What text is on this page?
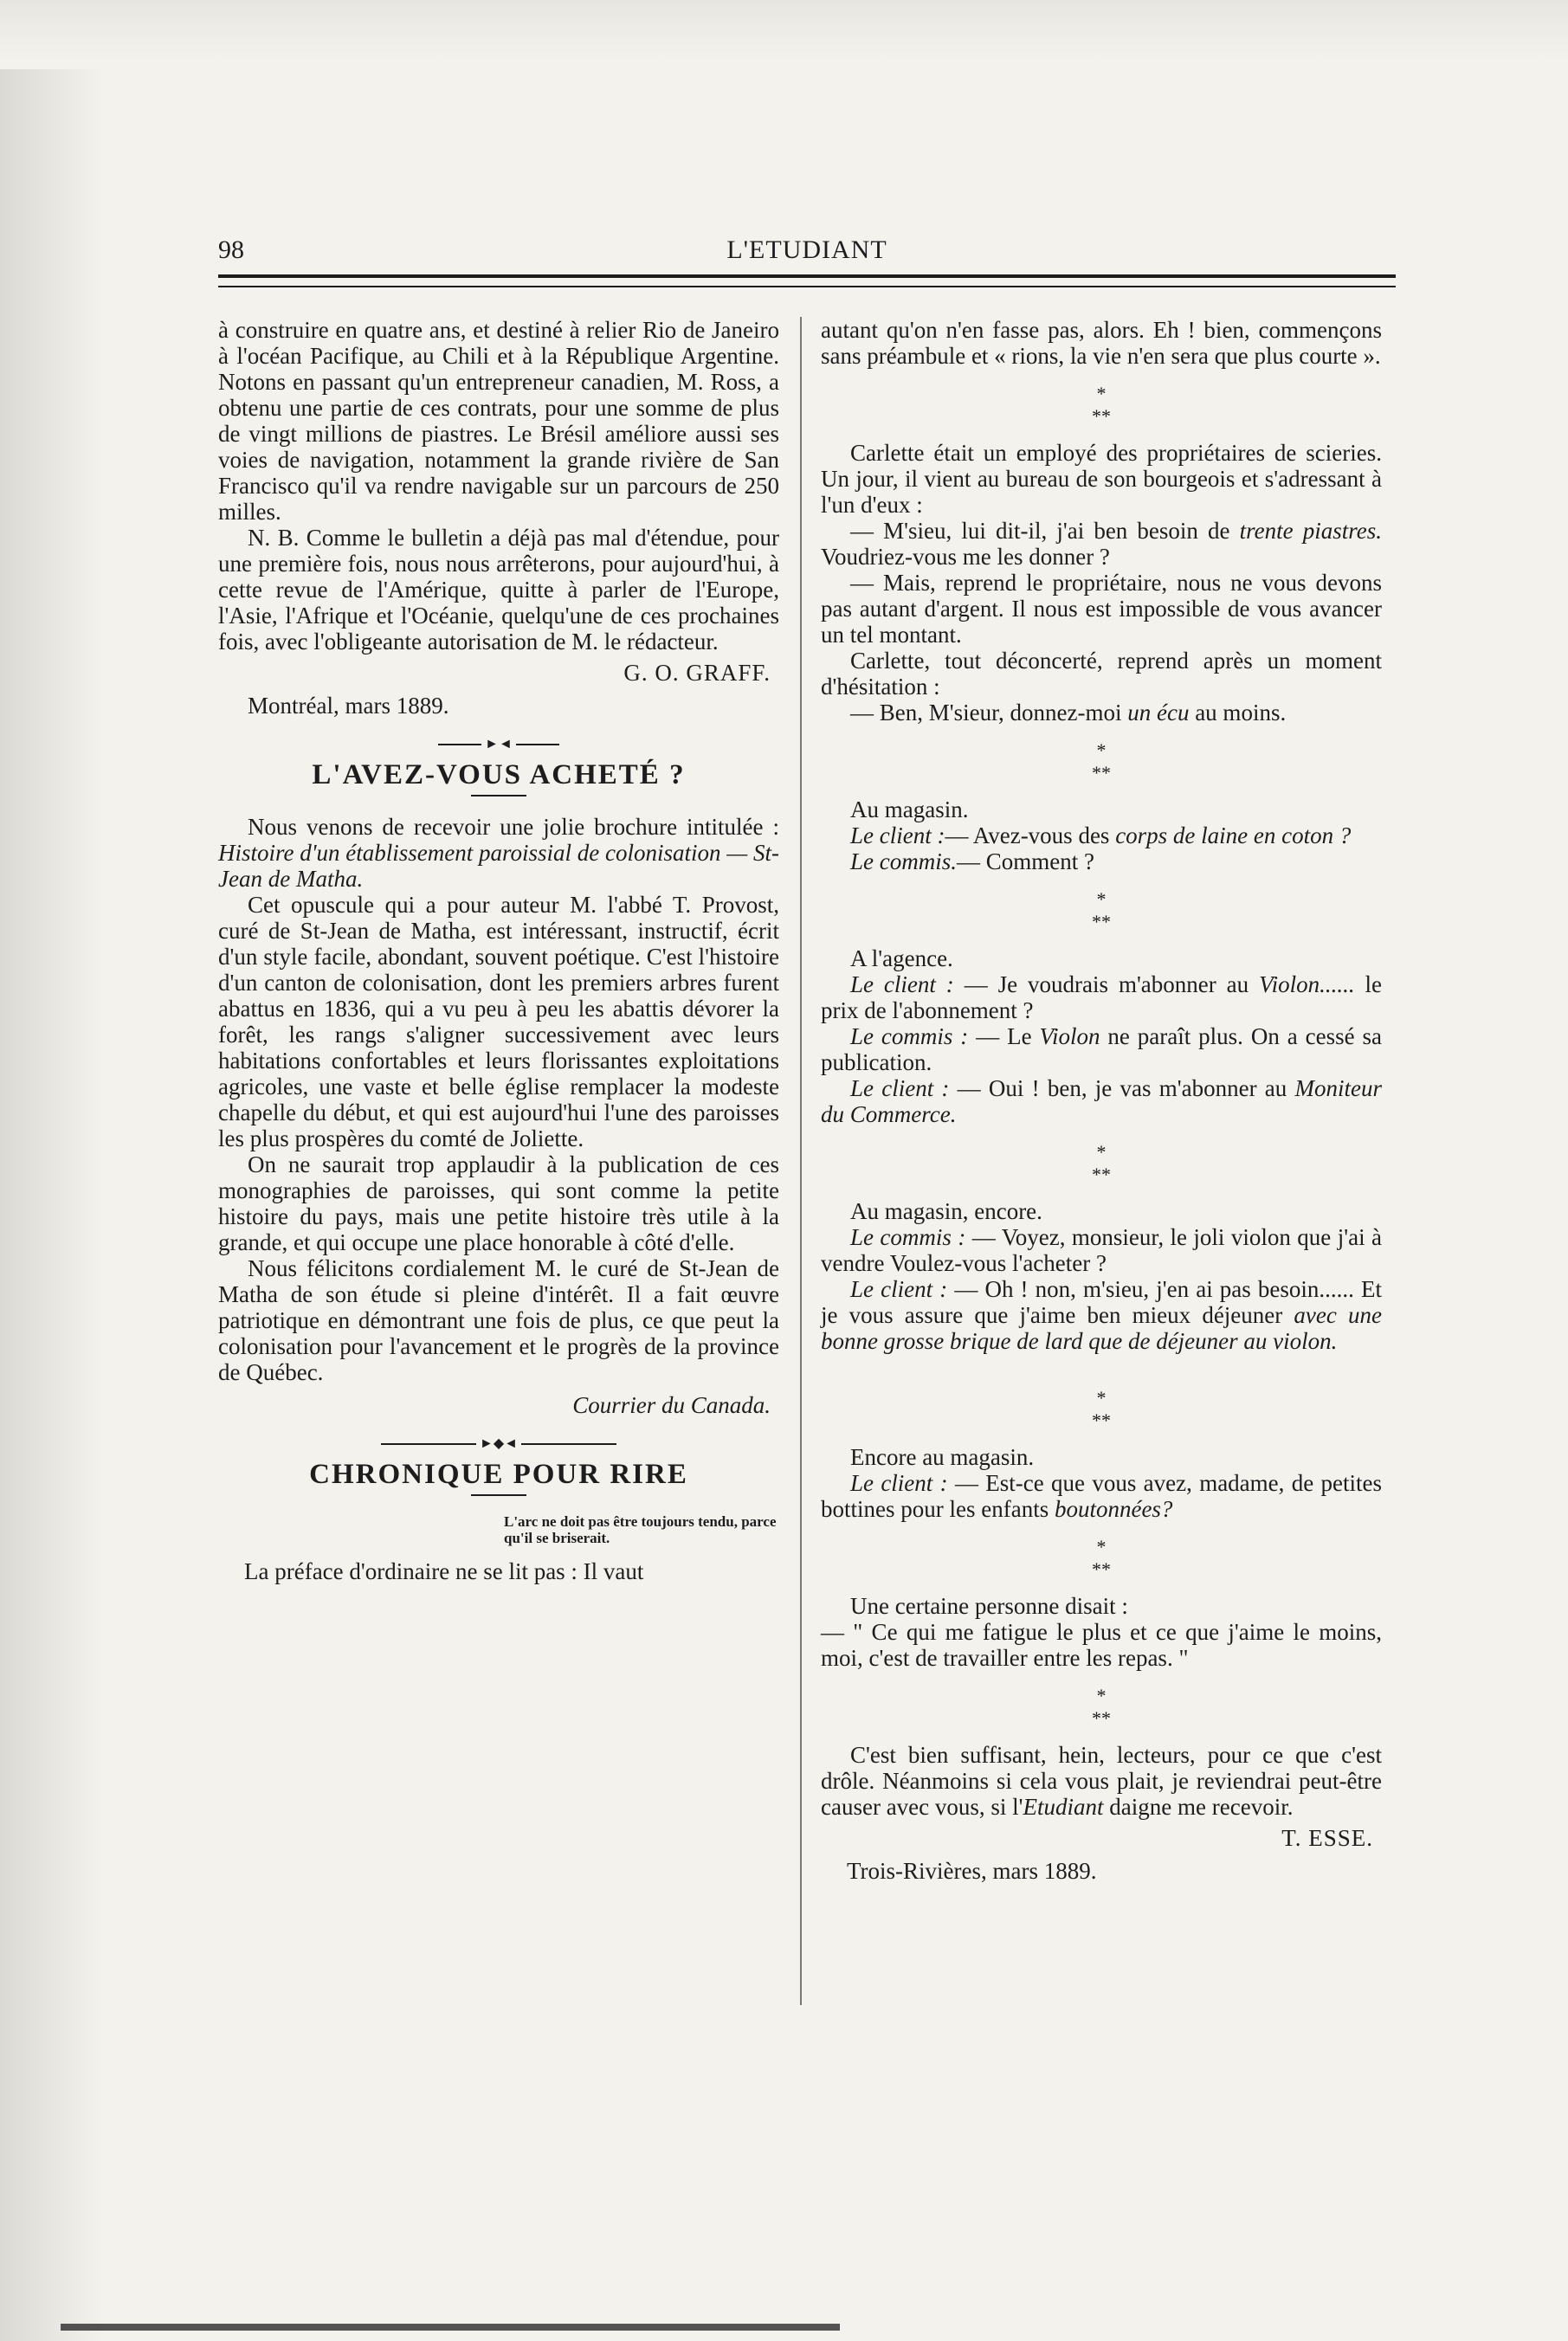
98	L'ETUDIANT

à construire en quatre ans, et destiné à relier Rio de Janeiro à l'océan Pacifique, au Chili et à la République Argentine. Notons en passant qu'un entrepreneur canadien, M. Ross, a obtenu une partie de ces contrats, pour une somme de plus de vingt millions de piastres. Le Brésil améliore aussi ses voies de navigation, notamment la grande rivière de San Francisco qu'il va rendre navigable sur un parcours de 250 milles.

N. B. Comme le bulletin a déjà pas mal d'étendue, pour une première fois, nous nous arrêterons, pour aujourd'hui, à cette revue de l'Amérique, quitte à parler de l'Europe, l'Asie, l'Afrique et l'Océanie, quelqu'une de ces prochaines fois, avec l'obligeante autorisation de M. le rédacteur.

G. O. GRAFF.
Montréal, mars 1889.
►◄
L'AVEZ-VOUS ACHETÉ ?

Nous venons de recevoir une jolie brochure intitulée : Histoire d'un établissement paroissial de colonisation — St-Jean de Matha.

Cet opuscule qui a pour auteur M. l'abbé T. Provost, curé de St-Jean de Matha, est intéressant, instructif, écrit d'un style facile, abondant, souvent poétique. C'est l'histoire d'un canton de colonisation, dont les premiers arbres furent abattus en 1836, qui a vu peu à peu les abattis dévorer la forêt, les rangs s'aligner successivement avec leurs habitations confortables et leurs florissantes exploitations agricoles, une vaste et belle église remplacer la modeste chapelle du début, et qui est aujourd'hui l'une des paroisses les plus prospères du comté de Joliette.

On ne saurait trop applaudir à la publication de ces monographies de paroisses, qui sont comme la petite histoire du pays, mais une petite histoire très utile à la grande, et qui occupe une place honorable à côté d'elle.

Nous félicitons cordialement M. le curé de St-Jean de Matha de son étude si pleine d'intérêt. Il a fait œuvre patriotique en démontrant une fois de plus, ce que peut la colonisation pour l'avancement et le progrès de la province de Québec.

Courrier du Canada.
►◆◄
CHRONIQUE POUR RIRE
L'arc ne doit pas être toujours tendu, parce qu'il se briserait.

La préface d'ordinaire ne se lit pas : Il vaut

autant qu'on n'en fasse pas, alors. Eh ! bien, commençons sans préambule et « rions, la vie n'en sera que plus courte ».

*
**

Carlette était un employé des propriétaires de scieries. Un jour, il vient au bureau de son bourgeois et s'adressant à l'un d'eux :

— M'sieu, lui dit-il, j'ai ben besoin de trente piastres. Voudriez-vous me les donner ?

— Mais, reprend le propriétaire, nous ne vous devons pas autant d'argent. Il nous est impossible de vous avancer un tel montant.

Carlette, tout déconcerté, reprend après un moment d'hésitation :

— Ben, M'sieur, donnez-moi un écu au moins.

*
**

Au magasin.

Le client :— Avez-vous des corps de laine en coton ?

Le commis.— Comment ?

*
**

A l'agence.

Le client : — Je voudrais m'abonner au Violon...... le prix de l'abonnement ?

Le commis : — Le Violon ne paraît plus. On a cessé sa publication.

Le client : — Oui ! ben, je vas m'abonner au Moniteur du Commerce.

*
**

Au magasin, encore.

Le commis : — Voyez, monsieur, le joli violon que j'ai à vendre Voulez-vous l'acheter ?

Le client : — Oh ! non, m'sieu, j'en ai pas besoin...... Et je vous assure que j'aime ben mieux déjeuner avec une bonne grosse brique de lard que de déjeuner au violon.

*
**

Encore au magasin.

Le client : — Est-ce que vous avez, madame, de petites bottines pour les enfants boutonnées?

*
**

Une certaine personne disait :

— " Ce qui me fatigue le plus et ce que j'aime le moins, moi, c'est de travailler entre les repas. "

*
**

C'est bien suffisant, hein, lecteurs, pour ce que c'est drôle. Néanmoins si cela vous plait, je reviendrai peut-être causer avec vous, si l'Etudiant daigne me recevoir.

T. ESSE.
Trois-Rivières, mars 1889.
